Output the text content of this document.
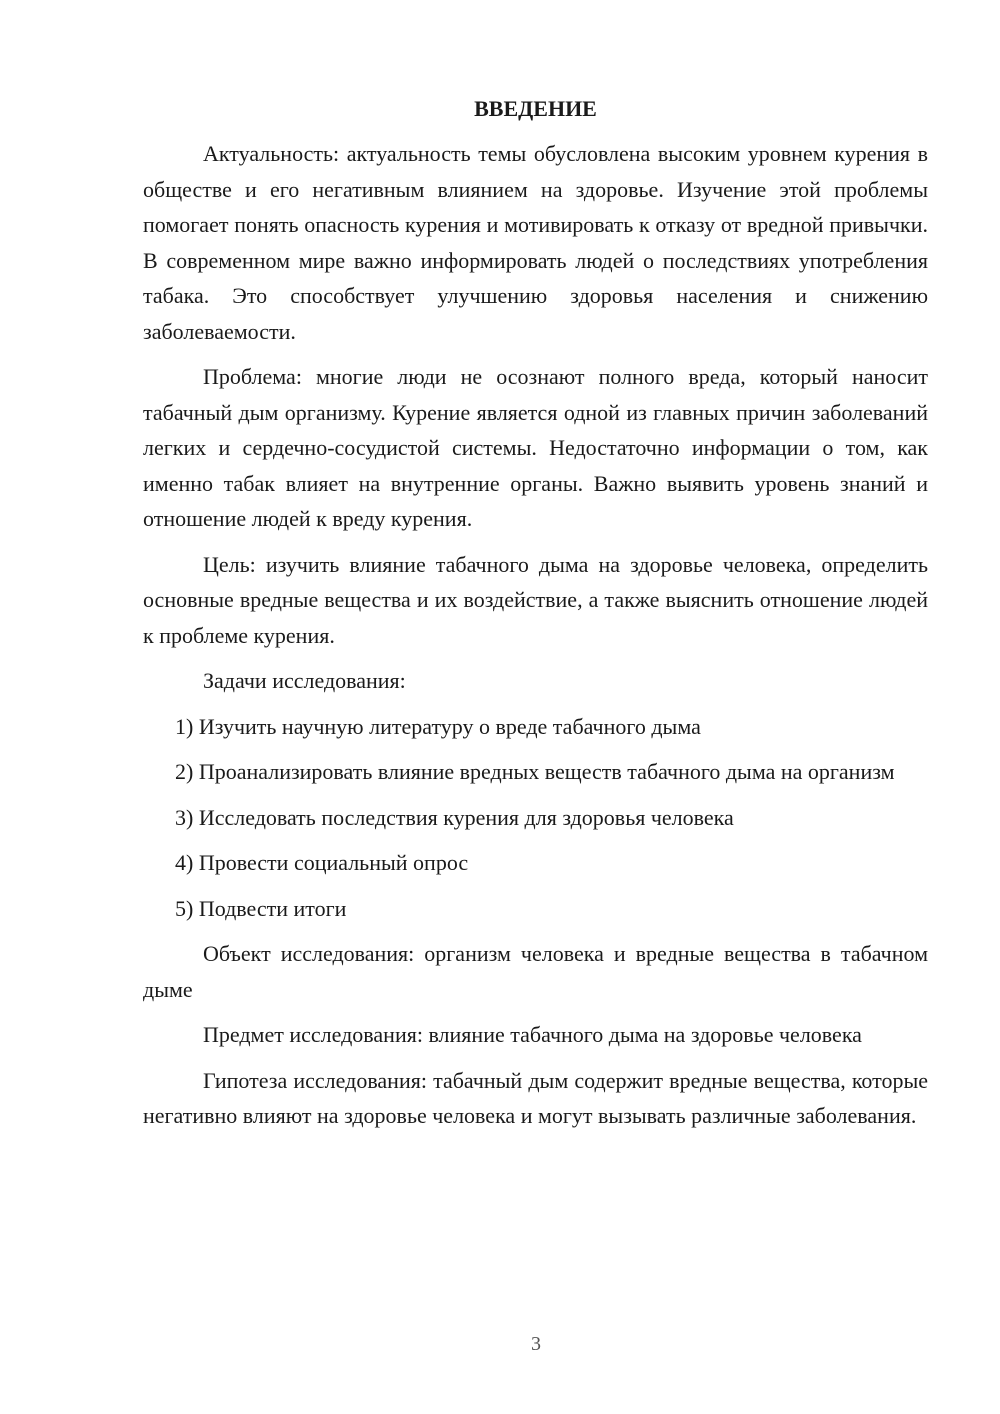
ВВЕДЕНИЕ

Актуальность: актуальность темы обусловлена высоким уровнем курения в обществе и его негативным влиянием на здоровье. Изучение этой проблемы помогает понять опасность курения и мотивировать к отказу от вредной привычки. В современном мире важно информировать людей о последствиях употребления табака. Это способствует улучшению здоровья населения и снижению заболеваемости.

Проблема: многие люди не осознают полного вреда, который наносит табачный дым организму. Курение является одной из главных причин заболеваний легких и сердечно-сосудистой системы. Недостаточно информации о том, как именно табак влияет на внутренние органы. Важно выявить уровень знаний и отношение людей к вреду курения.

Цель: изучить влияние табачного дыма на здоровье человека, определить основные вредные вещества и их воздействие, а также выяснить отношение людей к проблеме курения.

Задачи исследования:

1) Изучить научную литературу о вреде табачного дыма

2) Проанализировать влияние вредных веществ табачного дыма на организм

3) Исследовать последствия курения для здоровья человека

4) Провести социальный опрос

5) Подвести итоги

Объект исследования: организм человека и вредные вещества в табачном дыме

Предмет исследования: влияние табачного дыма на здоровье человека

Гипотеза исследования: табачный дым содержит вредные вещества, которые негативно влияют на здоровье человека и могут вызывать различные заболевания.

3
